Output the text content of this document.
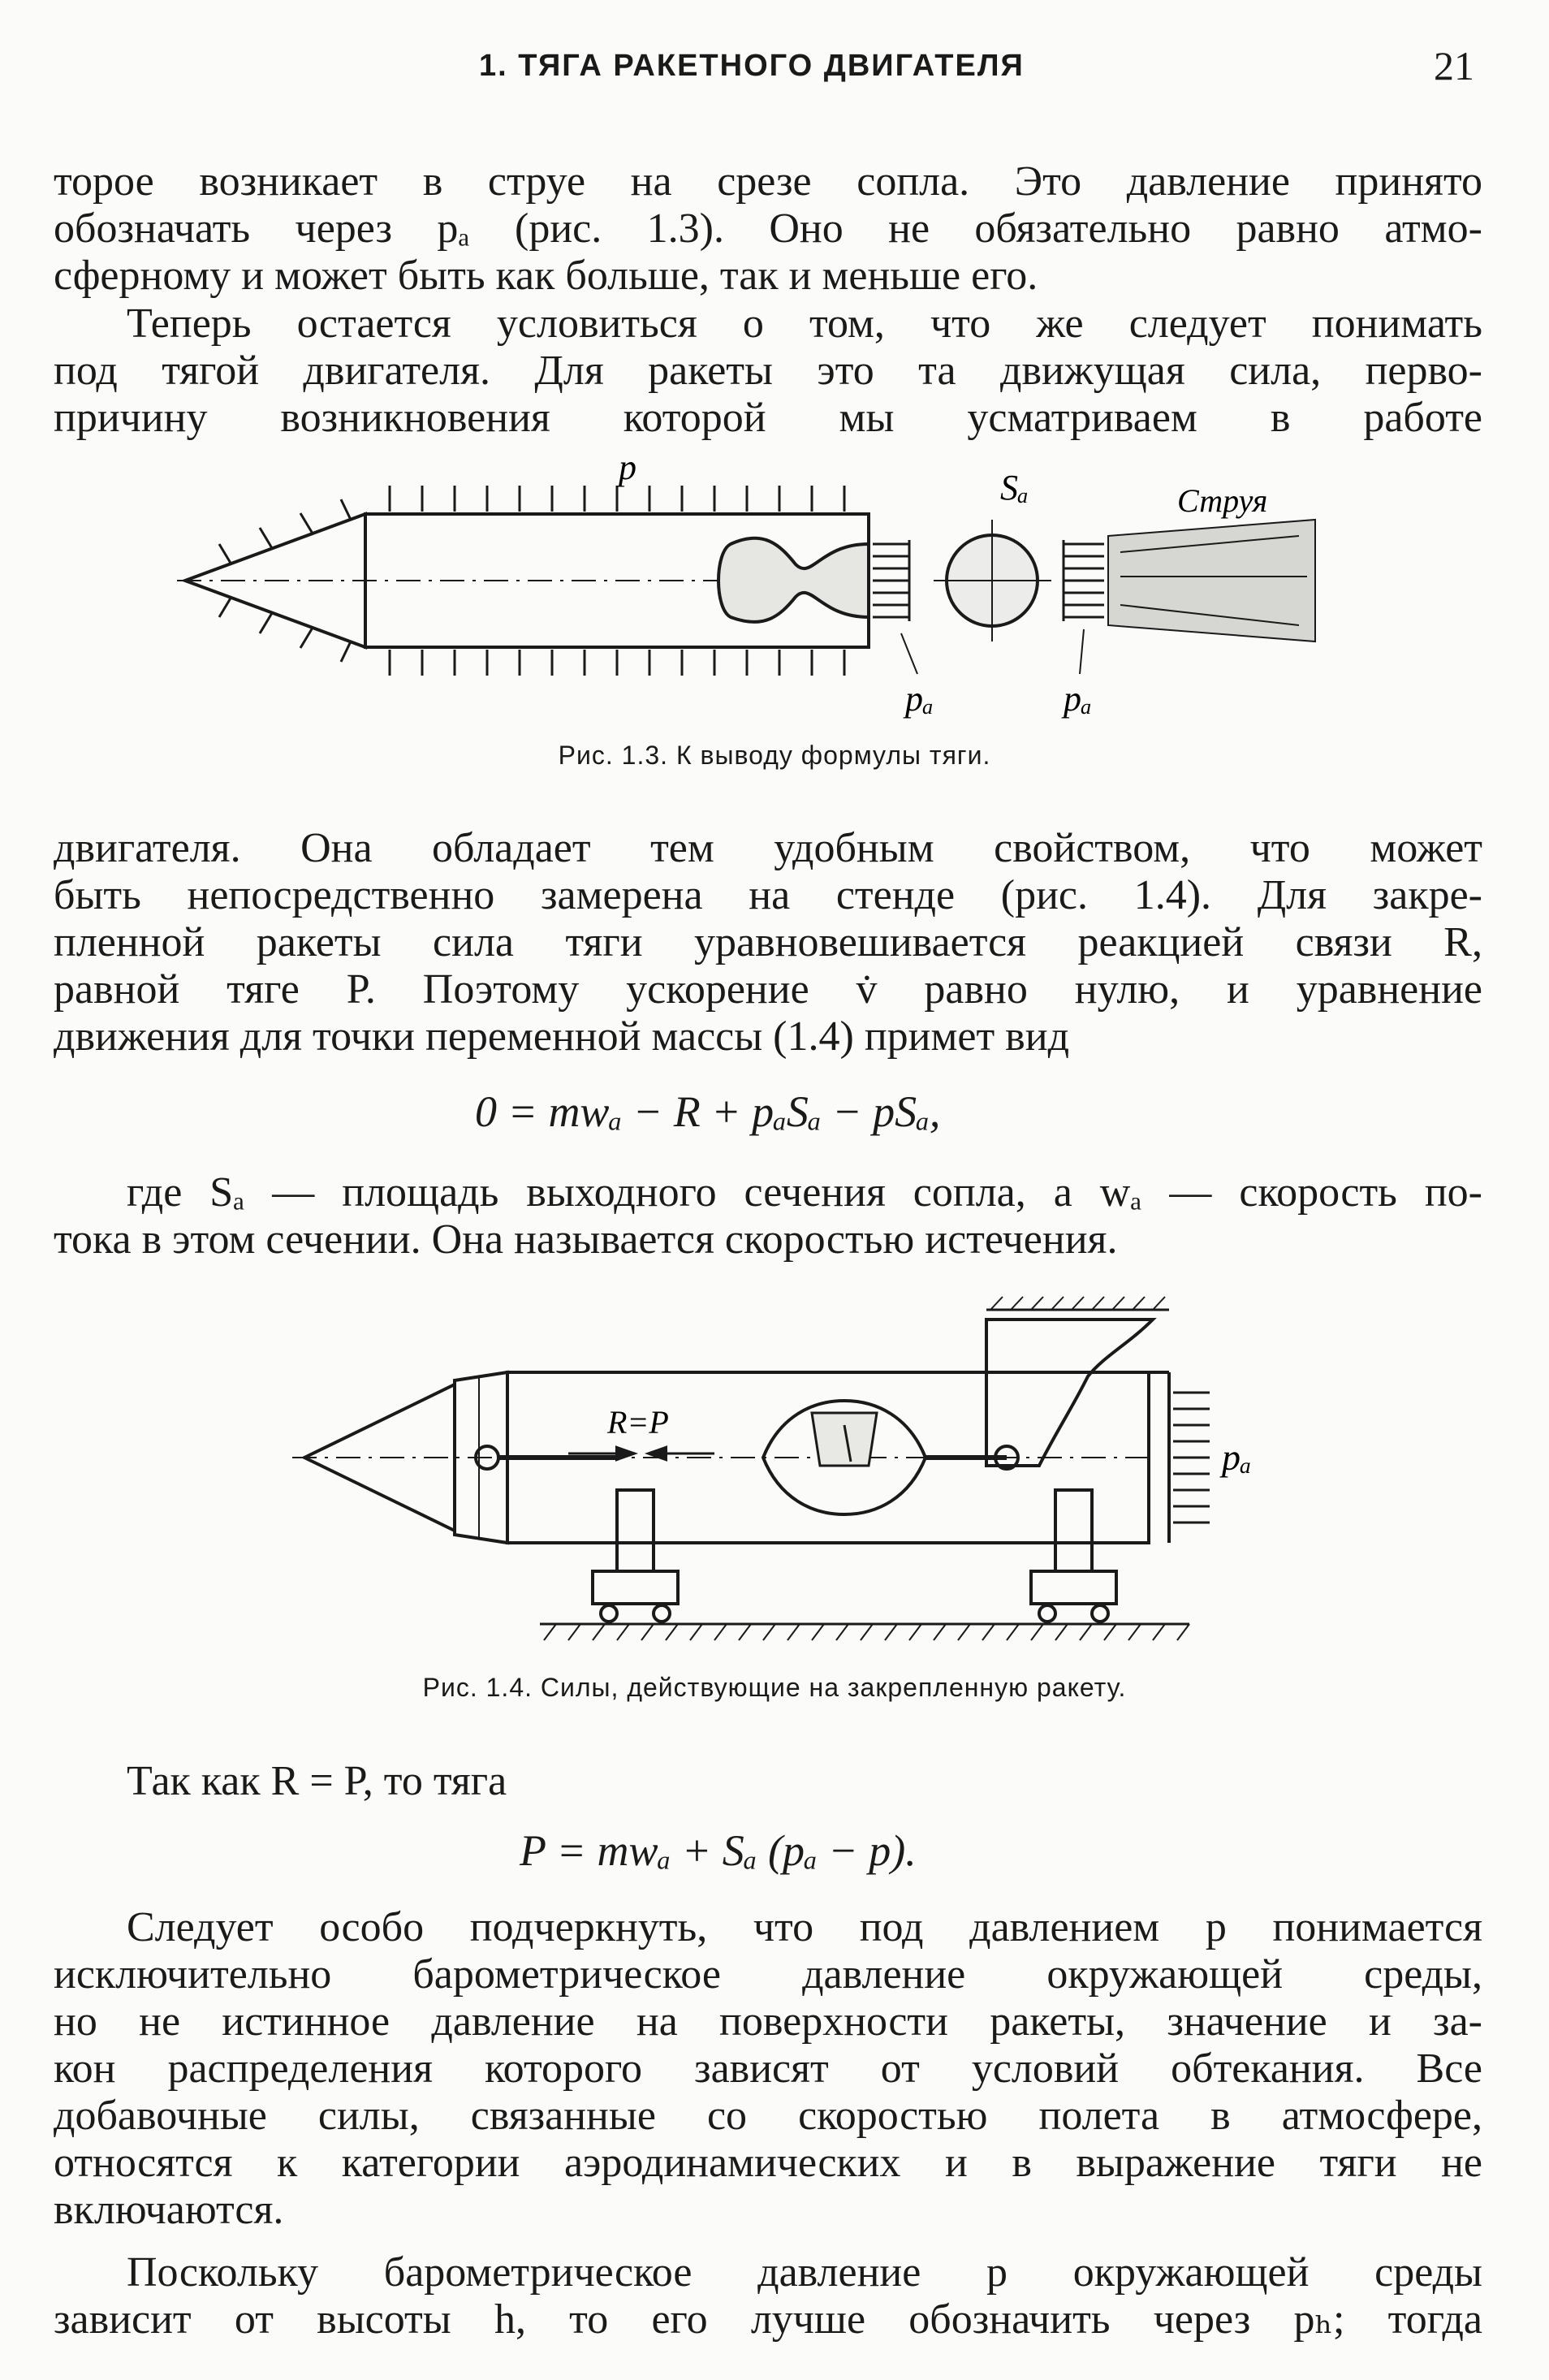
1. ТЯГА РАКЕТНОГО ДВИГАТЕЛЯ	21
торое возникает в струе на срезе сопла. Это давление принято
обозначать через pₐ (рис. 1.3). Оно не обязательно равно атмо-
сферному и может быть как больше, так и меньше его.
Теперь остается условиться о том, что же следует понимать
под тягой двигателя. Для ракеты это та движущая сила, перво-
причину возникновения которой мы усматриваем в работе
p
Sₐ	Струя
pₐ	pₐ
Рис. 1.3. К выводу формулы тяги.
двигателя. Она обладает тем удобным свойством, что может
быть непосредственно замерена на стенде (рис. 1.4). Для закре-
пленной ракеты сила тяги уравновешивается реакцией связи R,
равной тяге P. Поэтому ускорение v̇ равно нулю, и уравнение
движения для точки переменной массы (1.4) примет вид
0 = mwₐ − R + pₐSₐ − pSₐ,
где Sₐ — площадь выходного сечения сопла, а wₐ — скорость по-
тока в этом сечении. Она называется скоростью истечения.
R=P
pₐ
Рис. 1.4. Силы, действующие на закрепленную ракету.
Так как R = P, то тяга
P = mwₐ + Sₐ (pₐ − p).
Следует особо подчеркнуть, что под давлением p понимается
исключительно барометрическое давление окружающей среды,
но не истинное давление на поверхности ракеты, значение и за-
кон распределения которого зависят от условий обтекания. Все
добавочные силы, связанные со скоростью полета в атмосфере,
относятся к категории аэродинамических и в выражение тяги не
включаются.
Поскольку барометрическое давление p окружающей среды
зависит от высоты h, то его лучше обозначить через pₕ; тогда
